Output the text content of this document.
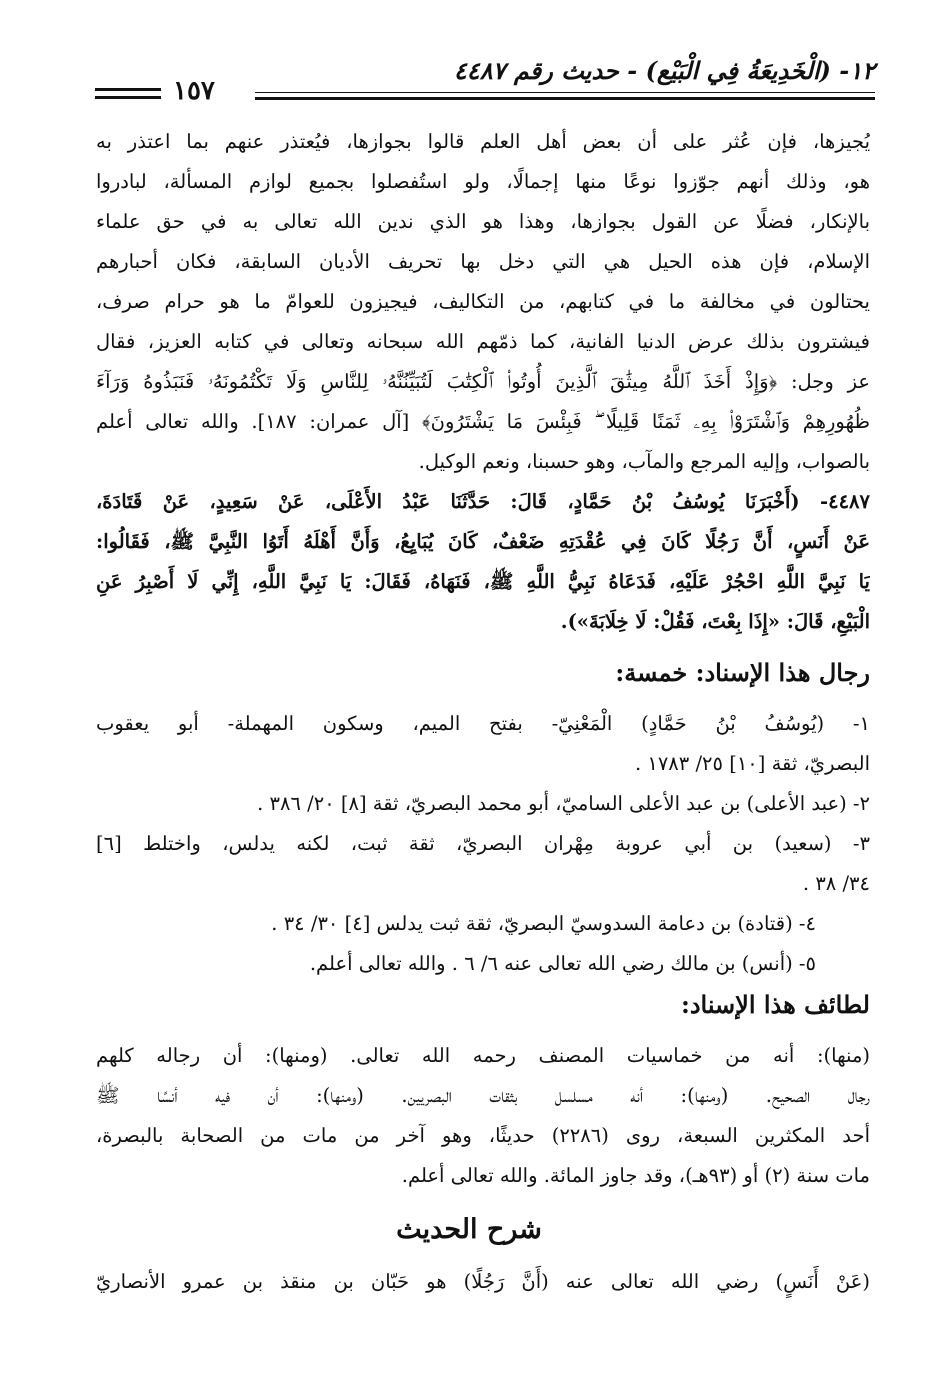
١٢- (الْخَدِيعَةُ فِي الْبَيْع) - حديث رقم ٤٤٨٧
١٥٧
يُجيزها، فإن عُثر على أن بعض أهل العلم قالوا بجوازها، فيُعتذر عنهم بما اعتذر به
هو، وذلك أنهم جوّزوا نوعًا منها إجمالًا، ولو استُفصلوا بجميع لوازم المسألة، لبادروا
بالإنكار، فضلًا عن القول بجوازها، وهذا هو الذي ندين الله تعالى به في حق علماء
الإسلام، فإن هذه الحيل هي التي دخل بها تحريف الأديان السابقة، فكان أحبارهم
يحتالون في مخالفة ما في كتابهم، من التكاليف، فيجيزون للعوامّ ما هو حرام صرف،
فيشترون بذلك عرض الدنيا الفانية، كما ذمّهم الله سبحانه وتعالى في كتابه العزيز، فقال
عز وجل: ﴿وَإِذْ أَخَذَ ٱللَّهُ مِيثَٰقَ ٱلَّذِينَ أُوتُوا۟ ٱلْكِتَٰبَ لَتُبَيِّنُنَّهُۥ لِلنَّاسِ وَلَا تَكْتُمُونَهُۥ فَنَبَذُوهُ وَرَآءَ
ظُهُورِهِمْ وَٱشْتَرَوْا۟ بِهِۦ ثَمَنًا قَلِيلًا ۖ فَبِئْسَ مَا يَشْتَرُونَ﴾ [آل عمران: ١٨٧]. والله تعالى أعلم
بالصواب، وإليه المرجع والمآب، وهو حسبنا، ونعم الوكيل.
٤٤٨٧- (أَخْبَرَنَا يُوسُفُ بْنُ حَمَّادٍ، قَالَ: حَدَّثَنَا عَبْدُ الأَعْلَى، عَنْ سَعِيدٍ، عَنْ قَتَادَةَ،
عَنْ أَنَسٍ، أَنَّ رَجُلًا كَانَ فِي عُقْدَتِهِ ضَعْفٌ، كَانَ يُبَايِعُ، وَأَنَّ أَهْلَهُ أَتَوُا النَّبِيَّ ﷺ، فَقَالُوا:
يَا نَبِيَّ اللَّهِ احْجُرْ عَلَيْهِ، فَدَعَاهُ نَبِيُّ اللَّهِ ﷺ، فَنَهَاهُ، فَقَالَ: يَا نَبِيَّ اللَّهِ، إِنِّي لَا أَصْبِرُ عَنِ
الْبَيْعِ، قَالَ: «إِذَا بِعْتَ، فَقُلْ: لَا خِلَابَةَ»).
رجال هذا الإسناد: خمسة:
١- (يُوسُفُ بْنُ حَمَّادٍ) الْمَعْنِيّ- بفتح الميم، وسكون المهملة- أبو يعقوب
البصريّ، ثقة [١٠] ٢٥/ ١٧٨٣ .
٢- (عبد الأعلى) بن عبد الأعلى الساميّ، أبو محمد البصريّ، ثقة [٨] ٢٠/ ٣٨٦ .
٣- (سعيد) بن أبي عروبة مِهْران البصريّ، ثقة ثبت، لكنه يدلس، واختلط [٦]
٣٤/ ٣٨ .
٤- (قتادة) بن دعامة السدوسيّ البصريّ، ثقة ثبت يدلس [٤] ٣٠/ ٣٤ .
٥- (أنس) بن مالك رضي الله تعالى عنه ٦/ ٦ . والله تعالى أعلم.
لطائف هذا الإسناد:
(منها): أنه من خماسيات المصنف رحمه الله تعالى. (ومنها): أن رجاله كلهم
رجال الصحيح. (ومنها): أنه مسلسل بثقات البصريين. (ومنها): أن فيه أنسًا ﷺ
أحد المكثرين السبعة، روى (٢٢٨٦) حديثًا، وهو آخر من مات من الصحابة بالبصرة،
مات سنة (٢) أو (٩٣هـ)، وقد جاوز المائة. والله تعالى أعلم.
شرح الحديث
(عَنْ أَنَسٍ) رضي الله تعالى عنه (أَنَّ رَجُلًا) هو حَبّان بن منقذ بن عمرو الأنصاريّ
